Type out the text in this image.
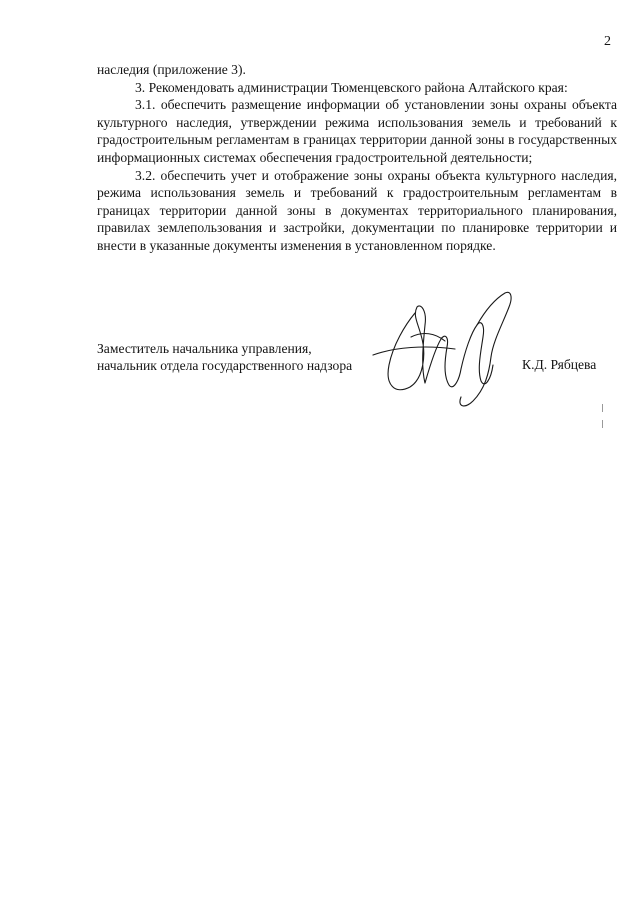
2

наследия (приложение 3).

3. Рекомендовать администрации Тюменцевского района Алтайского края:

3.1. обеспечить размещение информации об установлении зоны охраны объекта культурного наследия, утверждении режима использования земель и требований к градостроительным регламентам в границах территории данной зоны в государственных информационных системах обеспечения градостроительной деятельности;

3.2. обеспечить учет и отображение зоны охраны объекта культурного наследия, режима использования земель и требований к градостроительным регламентам в границах территории данной зоны в документах территориального планирования, правилах землепользования и застройки, документации по планировке территории и внести в указанные документы изменения в установленном порядке.

Заместитель начальника управления,
начальник отдела государственного надзора	К.Д. Рябцева
